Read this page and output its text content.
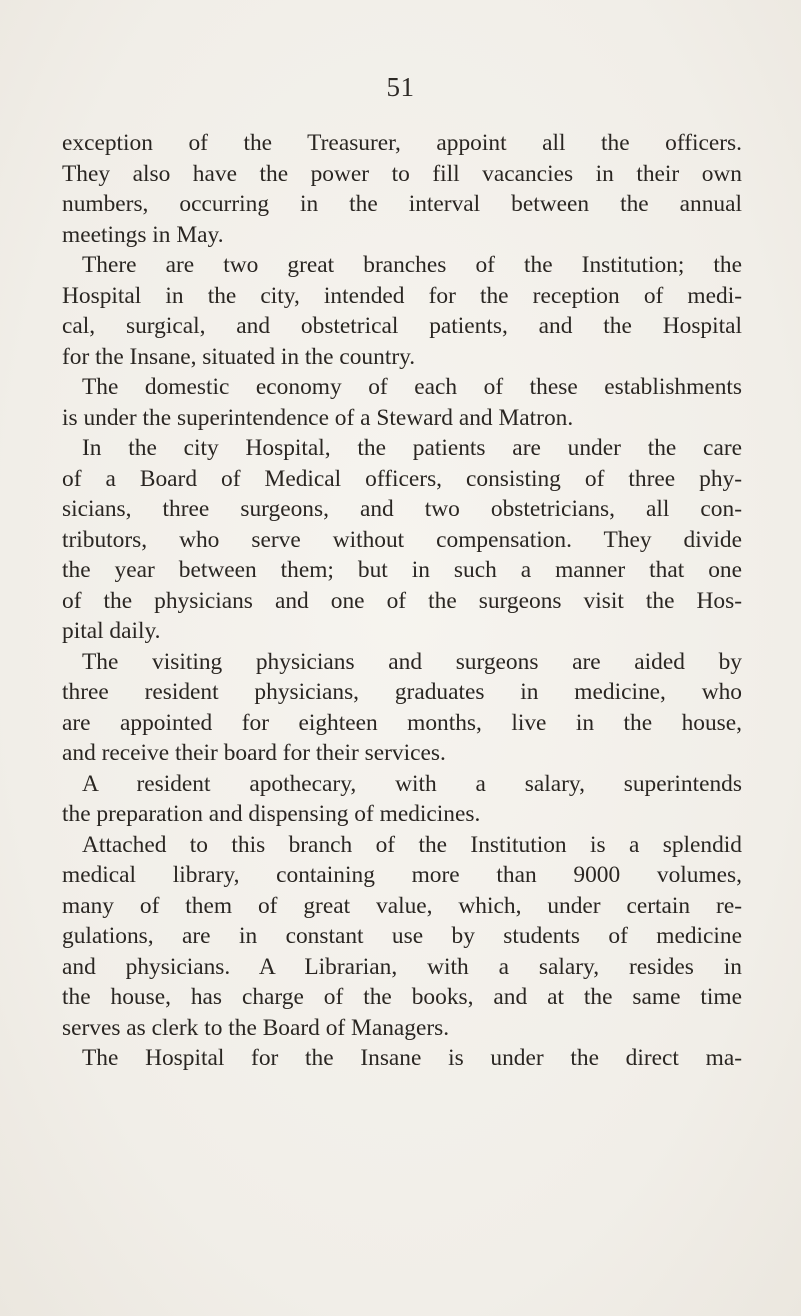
51
exception of the Treasurer, appoint all the officers.
They also have the power to fill vacancies in their own
numbers, occurring in the interval between the annual
meetings in May.
There are two great branches of the Institution; the
Hospital in the city, intended for the reception of medi-
cal, surgical, and obstetrical patients, and the Hospital
for the Insane, situated in the country.
The domestic economy of each of these establishments
is under the superintendence of a Steward and Matron.
In the city Hospital, the patients are under the care
of a Board of Medical officers, consisting of three phy-
sicians, three surgeons, and two obstetricians, all con-
tributors, who serve without compensation. They divide
the year between them; but in such a manner that one
of the physicians and one of the surgeons visit the Hos-
pital daily.
The visiting physicians and surgeons are aided by
three resident physicians, graduates in medicine, who
are appointed for eighteen months, live in the house,
and receive their board for their services.
A resident apothecary, with a salary, superintends
the preparation and dispensing of medicines.
Attached to this branch of the Institution is a splendid
medical library, containing more than 9000 volumes,
many of them of great value, which, under certain re-
gulations, are in constant use by students of medicine
and physicians. A Librarian, with a salary, resides in
the house, has charge of the books, and at the same time
serves as clerk to the Board of Managers.
The Hospital for the Insane is under the direct ma-
